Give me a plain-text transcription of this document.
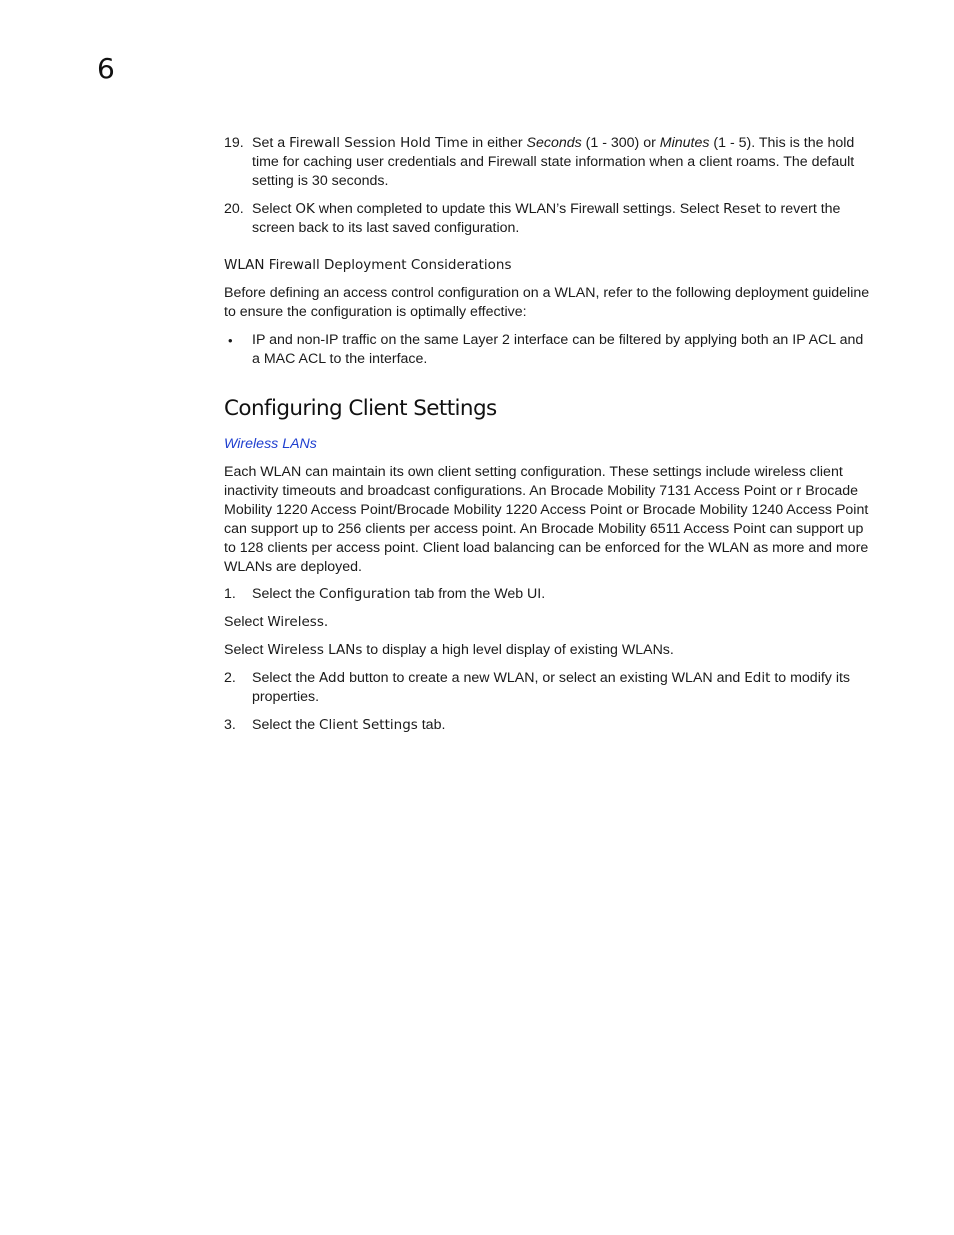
6
19. Set a Firewall Session Hold Time in either Seconds (1 - 300) or Minutes (1 - 5). This is the hold time for caching user credentials and Firewall state information when a client roams. The default setting is 30 seconds.
20. Select OK when completed to update this WLAN’s Firewall settings. Select Reset to revert the screen back to its last saved configuration.
WLAN Firewall Deployment Considerations
Before defining an access control configuration on a WLAN, refer to the following deployment guideline to ensure the configuration is optimally effective:
• IP and non-IP traffic on the same Layer 2 interface can be filtered by applying both an IP ACL and a MAC ACL to the interface.
Configuring Client Settings
Wireless LANs
Each WLAN can maintain its own client setting configuration. These settings include wireless client inactivity timeouts and broadcast configurations. An Brocade Mobility 7131 Access Point or r Brocade Mobility 1220 Access Point/Brocade Mobility 1220 Access Point or Brocade Mobility 1240 Access Point can support up to 256 clients per access point. An Brocade Mobility 6511 Access Point can support up to 128 clients per access point. Client load balancing can be enforced for the WLAN as more and more WLANs are deployed.
1. Select the Configuration tab from the Web UI.
Select Wireless.
Select Wireless LANs to display a high level display of existing WLANs.
2. Select the Add button to create a new WLAN, or select an existing WLAN and Edit to modify its properties.
3. Select the Client Settings tab.
